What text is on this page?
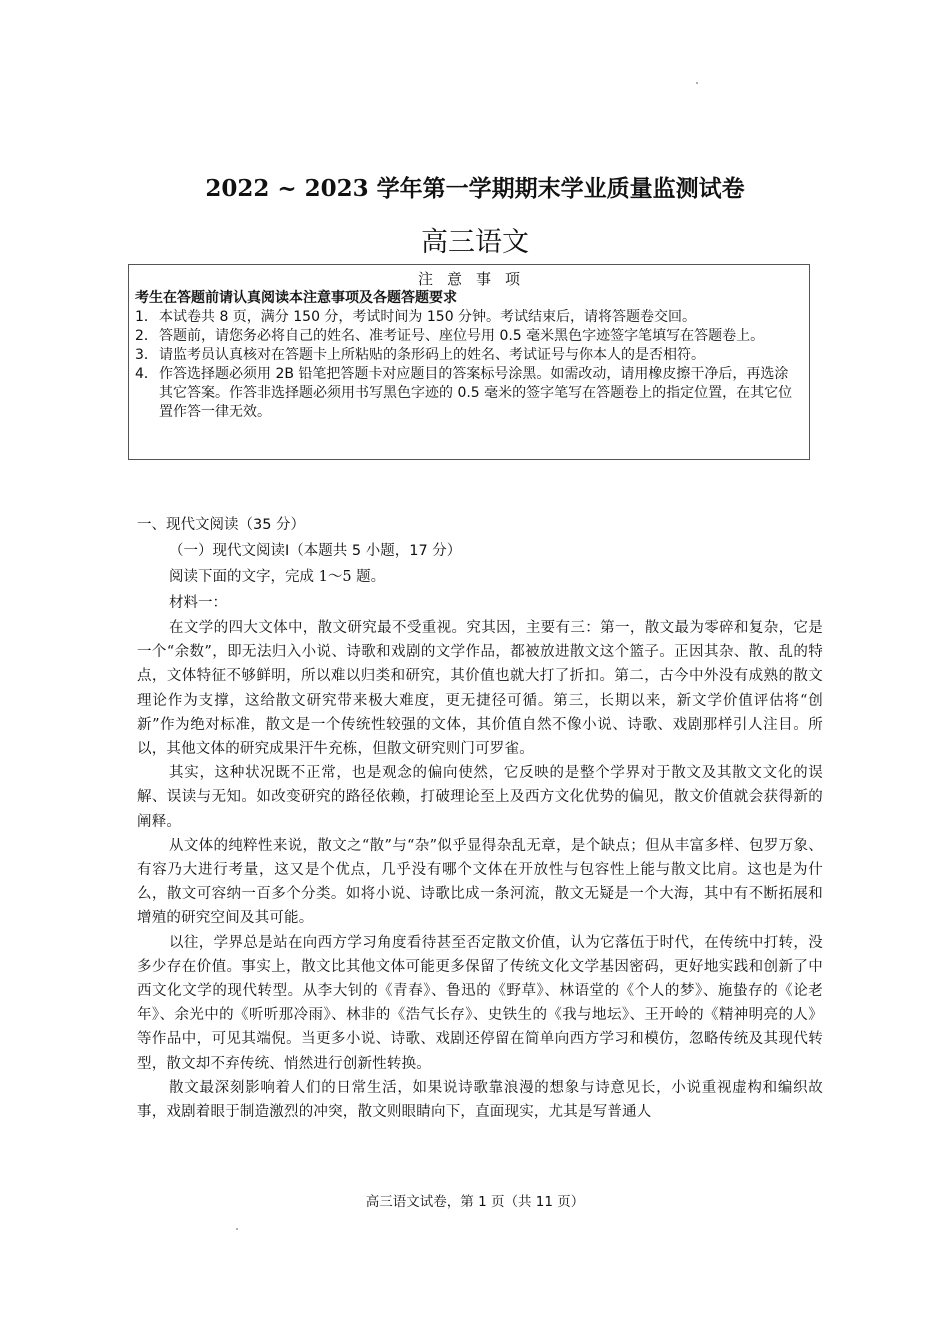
2022 ~ 2023 学年第一学期期末学业质量监测试卷
高三语文
注意事项
考生在答题前请认真阅读本注意事项及各题答题要求
1． 本试卷共 8 页，满分 150 分，考试时间为 150 分钟。考试结束后，请将答题卷交回。
2． 答题前，请您务必将自己的姓名、准考证号、座位号用 0.5 毫米黑色字迹签字笔填写在答题卷上。
3． 请监考员认真核对在答题卡上所粘贴的条形码上的姓名、考试证号与你本人的是否相符。
4． 作答选择题必须用 2B 铅笔把答题卡对应题目的答案标号涂黑。如需改动，请用橡皮擦干净后，再选涂其它答案。作答非选择题必须用书写黑色字迹的 0.5 毫米的签字笔写在答题卷上的指定位置，在其它位置作答一律无效。
一、现代文阅读（35 分）
（一）现代文阅读Ⅰ（本题共 5 小题，17 分）
阅读下面的文字，完成 1～5 题。
材料一：

在文学的四大文体中，散文研究最不受重视。究其因，主要有三：第一，散文最为零碎和复杂，它是一个“余数”，即无法归入小说、诗歌和戏剧的文学作品，都被放进散文这个篮子。正因其杂、散、乱的特点，文体特征不够鲜明，所以难以归类和研究，其价值也就大打了折扣。第二，古今中外没有成熟的散文理论作为支撑，这给散文研究带来极大难度，更无捷径可循。第三，长期以来，新文学价值评估将“创新”作为绝对标准，散文是一个传统性较强的文体，其价值自然不像小说、诗歌、戏剧那样引人注目。所以，其他文体的研究成果汗牛充栋，但散文研究则门可罗雀。

其实，这种状况既不正常，也是观念的偏向使然，它反映的是整个学界对于散文及其散文文化的误解、误读与无知。如改变研究的路径依赖，打破理论至上及西方文化优势的偏见，散文价值就会获得新的阐释。

从文体的纯粹性来说，散文之“散”与“杂”似乎显得杂乱无章，是个缺点；但从丰富多样、包罗万象、有容乃大进行考量，这又是个优点，几乎没有哪个文体在开放性与包容性上能与散文比肩。这也是为什么，散文可容纳一百多个分类。如将小说、诗歌比成一条河流，散文无疑是一个大海，其中有不断拓展和增殖的研究空间及其可能。

以往，学界总是站在向西方学习角度看待甚至否定散文价值，认为它落伍于时代，在传统中打转，没多少存在价值。事实上，散文比其他文体可能更多保留了传统文化文学基因密码，更好地实践和创新了中西文化文学的现代转型。从李大钊的《青春》、鲁迅的《野草》、林语堂的《个人的梦》、施蛰存的《论老年》、余光中的《听听那冷雨》、林非的《浩气长存》、史铁生的《我与地坛》、王开岭的《精神明亮的人》等作品中，可见其端倪。当更多小说、诗歌、戏剧还停留在简单向西方学习和模仿，忽略传统及其现代转型，散文却不弃传统、悄然进行创新性转换。

散文最深刻影响着人们的日常生活，如果说诗歌靠浪漫的想象与诗意见长，小说重视虚构和编织故事，戏剧着眼于制造激烈的冲突，散文则眼睛向下，直面现实，尤其是写普通人

高三语文试卷，第 1 页（共 11 页）
